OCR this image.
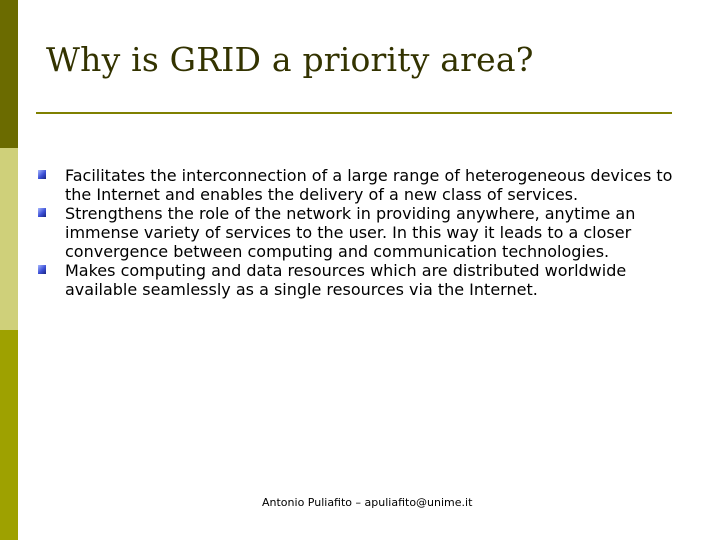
Why is GRID a priority area?
Facilitates the interconnection of a large range of heterogeneous devices to the Internet and enables the delivery of a new class of services.
Strengthens the role of the network in providing anywhere, anytime an immense variety of services to the user. In this way it leads to a closer convergence between computing and communication technologies.
Makes computing and data resources which are distributed worldwide available seamlessly as a single resources via the Internet.

Antonio Puliafito – apuliafito@unime.it
